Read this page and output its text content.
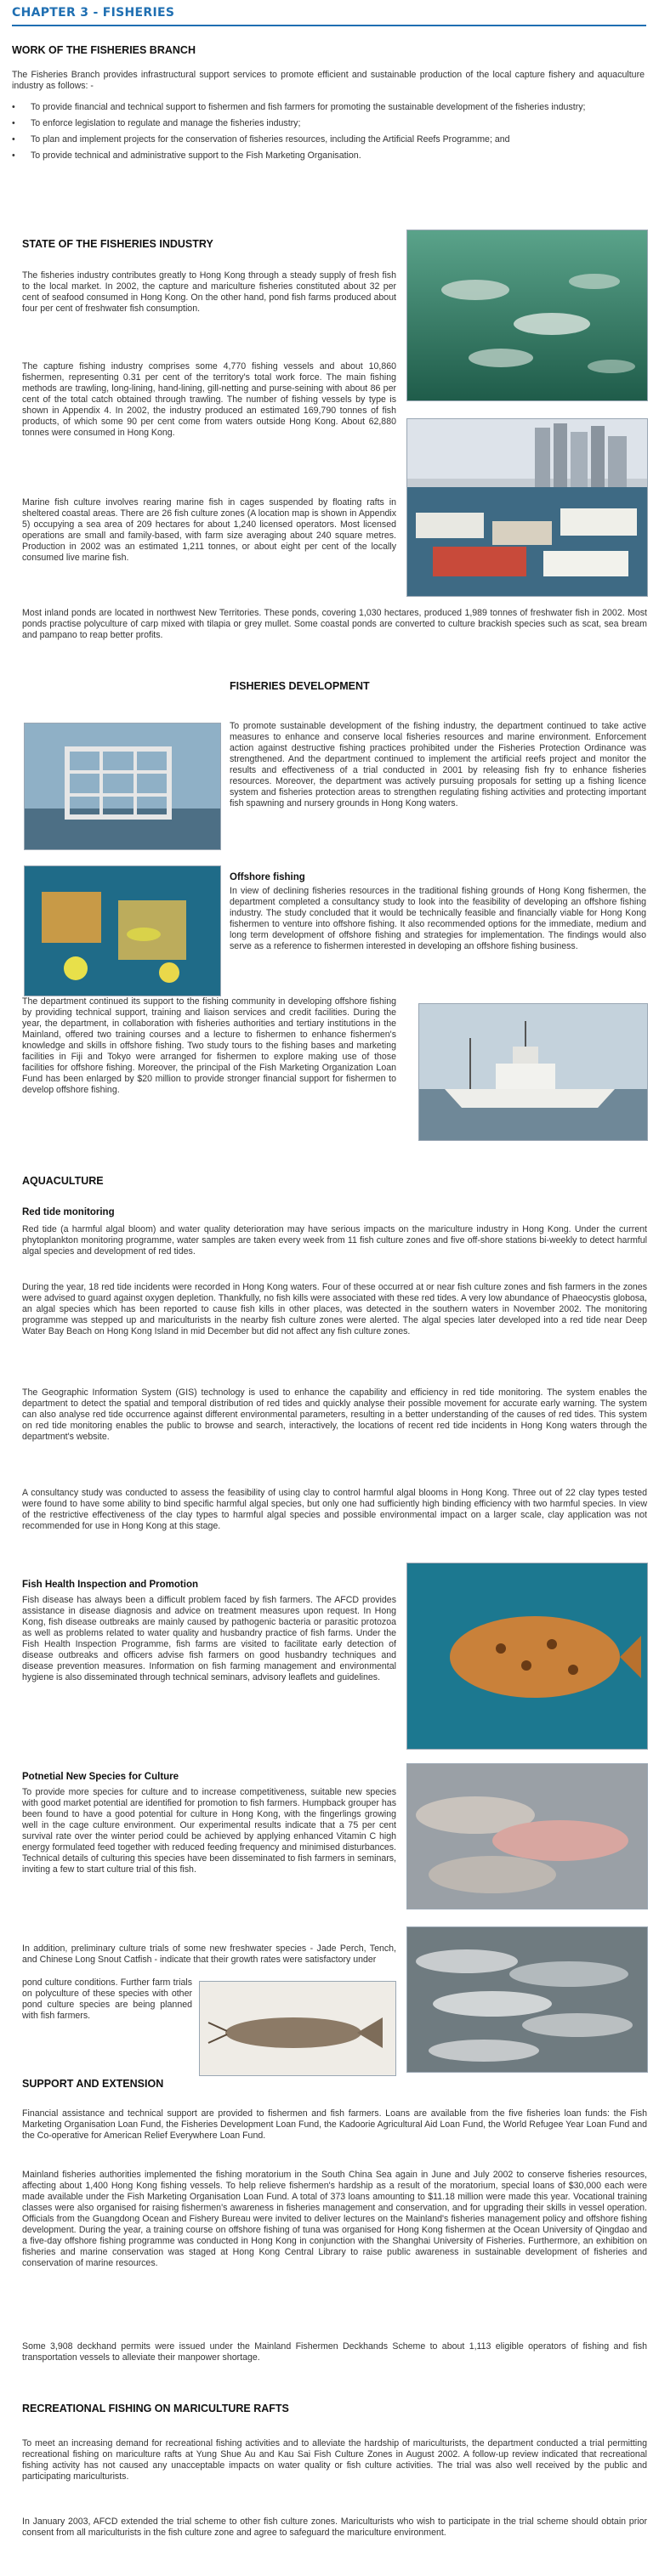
CHAPTER 3 - FISHERIES
WORK OF THE FISHERIES BRANCH

The Fisheries Branch provides infrastructural support services to promote efficient and sustainable production of the local capture fishery and aquaculture industry as follows: -

• To provide financial and technical support to fishermen and fish farmers for promoting the sustainable development of the fisheries industry;
• To enforce legislation to regulate and manage the fisheries industry;
• To plan and implement projects for the conservation of fisheries resources, including the Artificial Reefs Programme; and
• To provide technical and administrative support to the Fish Marketing Organisation.
STATE OF THE FISHERIES INDUSTRY

The fisheries industry contributes greatly to Hong Kong through a steady supply of fresh fish to the local market. In 2002, the capture and mariculture fisheries constituted about 32 per cent of seafood consumed in Hong Kong. On the other hand, pond fish farms produced about four per cent of freshwater fish consumption.

The capture fishing industry comprises some 4,770 fishing vessels and about 10,860 fishermen, representing 0.31 per cent of the territory's total work force. The main fishing methods are trawling, long-lining, hand-lining, gill-netting and purse-seining with about 86 per cent of the total catch obtained through trawling. The number of fishing vessels by type is shown in Appendix 4. In 2002, the industry produced an estimated 169,790 tonnes of fish products, of which some 90 per cent come from waters outside Hong Kong. About 62,880 tonnes were consumed in Hong Kong.

Marine fish culture involves rearing marine fish in cages suspended by floating rafts in sheltered coastal areas. There are 26 fish culture zones (A location map is shown in Appendix 5) occupying a sea area of 209 hectares for about 1,240 licensed operators. Most licensed operations are small and family-based, with farm size averaging about 240 square metres. Production in 2002 was an estimated 1,211 tonnes, or about eight per cent of the locally consumed live marine fish.

Most inland ponds are located in northwest New Territories. These ponds, covering 1,030 hectares, produced 1,989 tonnes of freshwater fish in 2002. Most ponds practise polyculture of carp mixed with tilapia or grey mullet. Some coastal ponds are converted to culture brackish species such as scat, sea bream and pampano to reap better profits.

FISHERIES DEVELOPMENT

To promote sustainable development of the fishing industry, the department continued to take active measures to enhance and conserve local fisheries resources and marine environment. Enforcement action against destructive fishing practices prohibited under the Fisheries Protection Ordinance was strengthened. And the department continued to implement the artificial reefs project and monitor the results and effectiveness of a trial conducted in 2001 by releasing fish fry to enhance fisheries resources. Moreover, the department was actively pursuing proposals for setting up a fishing licence system and fisheries protection areas to strengthen regulating fishing activities and protecting important fish spawning and nursery grounds in Hong Kong waters.

Offshore fishing

In view of declining fisheries resources in the traditional fishing grounds of Hong Kong fishermen, the department completed a consultancy study to look into the feasibility of developing an offshore fishing industry. The study concluded that it would be technically feasible and financially viable for Hong Kong fishermen to venture into offshore fishing. It also recommended options for the immediate, medium and long term development of offshore fishing and strategies for implementation. The findings would also serve as a reference to fishermen interested in developing an offshore fishing business.

The department continued its support to the fishing community in developing offshore fishing by providing technical support, training and liaison services and credit facilities. During the year, the department, in collaboration with fisheries authorities and tertiary institutions in the Mainland, offered two training courses and a lecture to fishermen to enhance fishermen's knowledge and skills in offshore fishing. Two study tours to the fishing bases and marketing facilities in Fiji and Tokyo were arranged for fishermen to explore making use of those facilities for offshore fishing. Moreover, the principal of the Fish Marketing Organization Loan Fund has been enlarged by $20 million to provide stronger financial support for fishermen to develop offshore fishing.

AQUACULTURE
Red tide monitoring

Red tide (a harmful algal bloom) and water quality deterioration may have serious impacts on the mariculture industry in Hong Kong. Under the current phytoplankton monitoring programme, water samples are taken every week from 11 fish culture zones and five off-shore stations bi-weekly to detect harmful algal species and development of red tides.

During the year, 18 red tide incidents were recorded in Hong Kong waters. Four of these occurred at or near fish culture zones and fish farmers in the zones were advised to guard against oxygen depletion. Thankfully, no fish kills were associated with these red tides. A very low abundance of Phaeocystis globosa, an algal species which has been reported to cause fish kills in other places, was detected in the southern waters in November 2002. The monitoring programme was stepped up and mariculturists in the nearby fish culture zones were alerted. The algal species later developed into a red tide near Deep Water Bay Beach on Hong Kong Island in mid December but did not affect any fish culture zones.

The Geographic Information System (GIS) technology is used to enhance the capability and efficiency in red tide monitoring. The system enables the department to detect the spatial and temporal distribution of red tides and quickly analyse their possible movement for accurate early warning. The system can also analyse red tide occurrence against different environmental parameters, resulting in a better understanding of the causes of red tides. This system on red tide monitoring enables the public to browse and search, interactively, the locations of recent red tide incidents in Hong Kong waters through the department's website.

A consultancy study was conducted to assess the feasibility of using clay to control harmful algal blooms in Hong Kong. Three out of 22 clay types tested were found to have some ability to bind specific harmful algal species, but only one had sufficiently high binding efficiency with two harmful species. In view of the restrictive effectiveness of the clay types to harmful algal species and possible environmental impact on a larger scale, clay application was not recommended for use in Hong Kong at this stage.

Fish Health Inspection and Promotion

Fish disease has always been a difficult problem faced by fish farmers. The AFCD provides assistance in disease diagnosis and advice on treatment measures upon request. In Hong Kong, fish disease outbreaks are mainly caused by pathogenic bacteria or parasitic protozoa as well as problems related to water quality and husbandry practice of fish farms. Under the Fish Health Inspection Programme, fish farms are visited to facilitate early detection of disease outbreaks and officers advise fish farmers on good husbandry techniques and disease prevention measures. Information on fish farming management and environmental hygiene is also disseminated through technical seminars, advisory leaflets and guidelines.

Potnetial New Species for Culture

To provide more species for culture and to increase competitiveness, suitable new species with good market potential are identified for promotion to fish farmers. Humpback grouper has been found to have a good potential for culture in Hong Kong, with the fingerlings growing well in the cage culture environment. Our experimental results indicate that a 75 per cent survival rate over the winter period could be achieved by applying enhanced Vitamin C high energy formulated feed together with reduced feeding frequency and minimised disturbances. Technical details of culturing this species have been disseminated to fish farmers in seminars, inviting a few to start culture trial of this fish.

In addition, preliminary culture trials of some new freshwater species - Jade Perch, Tench, and Chinese Long Snout Catfish - indicate that their growth rates were satisfactory under

pond culture conditions. Further farm trials on polyculture of these species with other pond culture species are being planned with fish farmers.

SUPPORT AND EXTENSION

Financial assistance and technical support are provided to fishermen and fish farmers. Loans are available from the five fisheries loan funds: the Fish Marketing Organisation Loan Fund, the Fisheries Development Loan Fund, the Kadoorie Agricultural Aid Loan Fund, the World Refugee Year Loan Fund and the Co-operative for American Relief Everywhere Loan Fund.

Mainland fisheries authorities implemented the fishing moratorium in the South China Sea again in June and July 2002 to conserve fisheries resources, affecting about 1,400 Hong Kong fishing vessels. To help relieve fishermen's hardship as a result of the moratorium, special loans of $30,000 each were made available under the Fish Marketing Organisation Loan Fund. A total of 373 loans amounting to $11.18 million were made this year. Vocational training classes were also organised for raising fishermen's awareness in fisheries management and conservation, and for upgrading their skills in vessel operation. Officials from the Guangdong Ocean and Fishery Bureau were invited to deliver lectures on the Mainland's fisheries management policy and offshore fishing development. During the year, a training course on offshore fishing of tuna was organised for Hong Kong fishermen at the Ocean University of Qingdao and a five-day offshore fishing programme was conducted in Hong Kong in conjunction with the Shanghai University of Fisheries. Furthermore, an exhibition on fisheries and marine conservation was staged at Hong Kong Central Library to raise public awareness in sustainable development of fisheries and conservation of marine resources.

Some 3,908 deckhand permits were issued under the Mainland Fishermen Deckhands Scheme to about 1,113 eligible operators of fishing and fish transportation vessels to alleviate their manpower shortage.

RECREATIONAL FISHING ON MARICULTURE RAFTS

To meet an increasing demand for recreational fishing activities and to alleviate the hardship of mariculturists, the department conducted a trial permitting recreational fishing on mariculture rafts at Yung Shue Au and Kau Sai Fish Culture Zones in August 2002. A follow-up review indicated that recreational fishing activity has not caused any unacceptable impacts on water quality or fish culture activities. The trial was also well received by the public and participating mariculturists.

In January 2003, AFCD extended the trial scheme to other fish culture zones. Mariculturists who wish to participate in the trial scheme should obtain prior consent from all mariculturists in the fish culture zone and agree to safeguard the mariculture environment.
